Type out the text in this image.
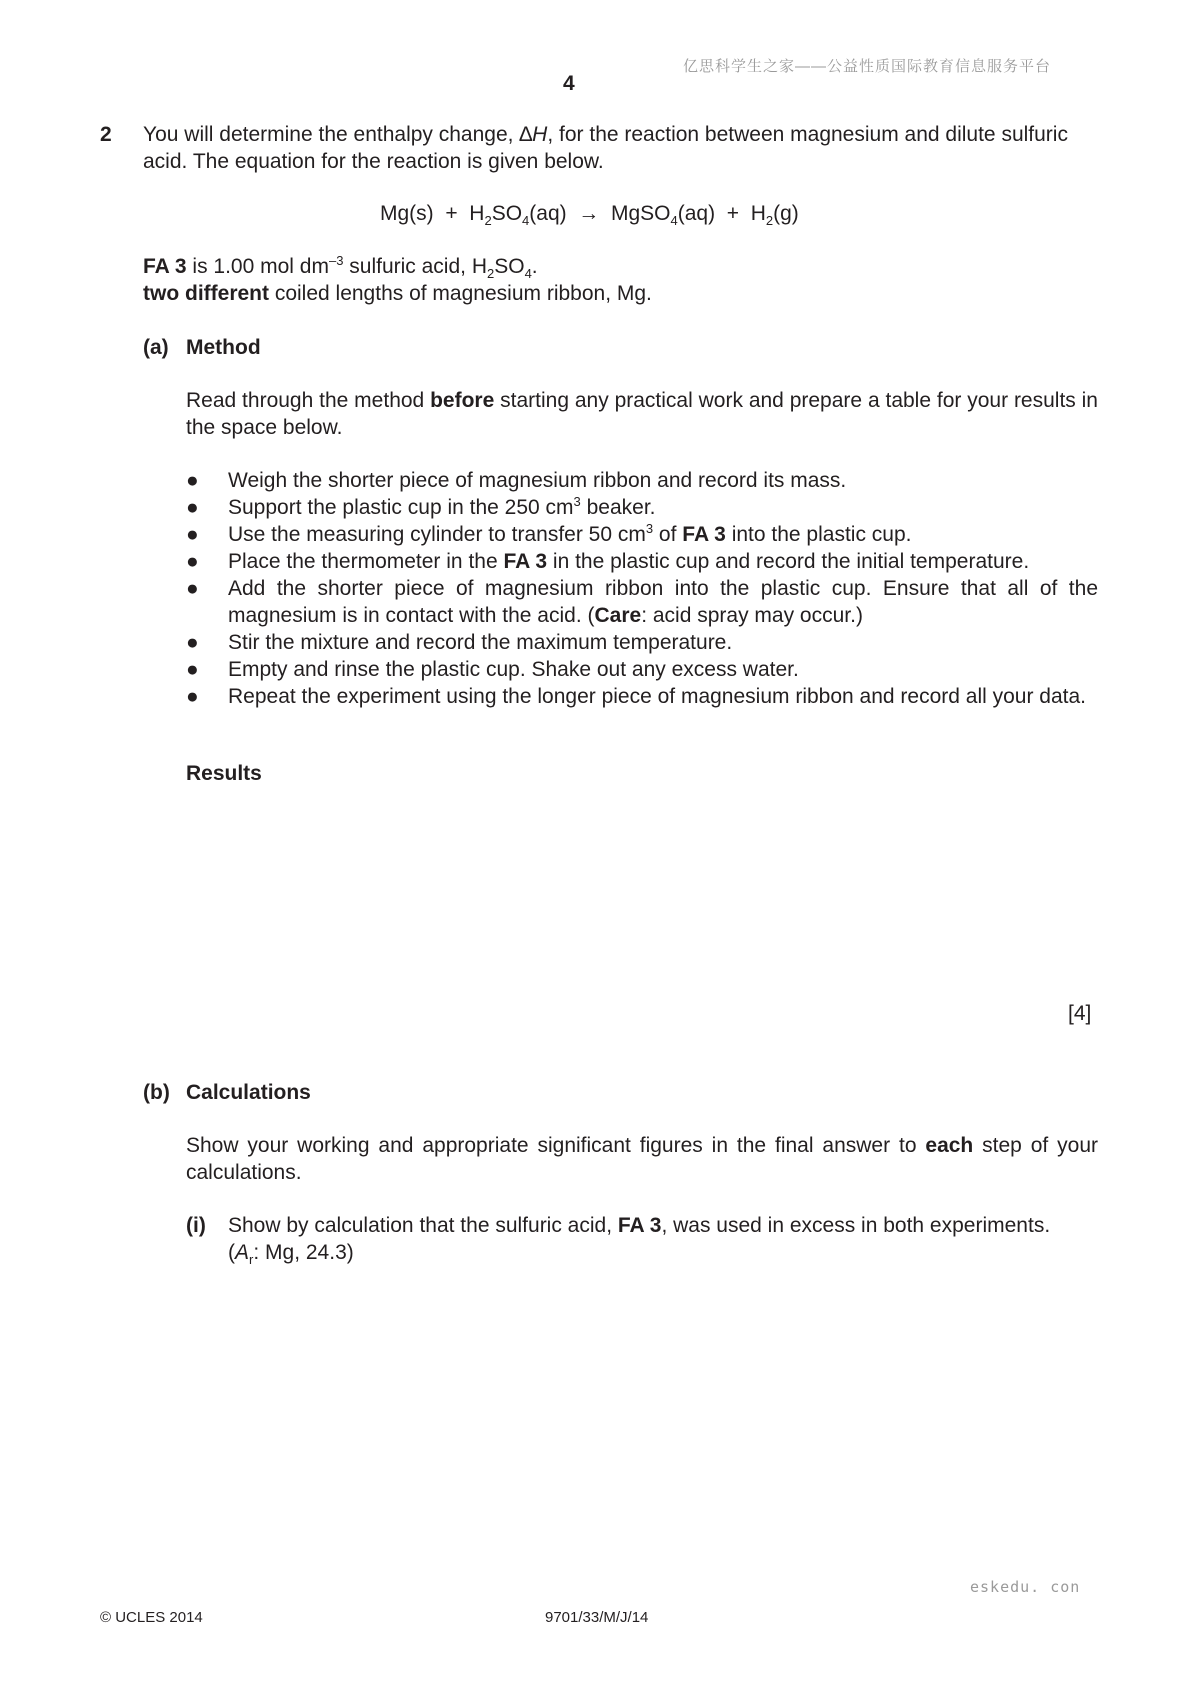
亿思科学生之家——公益性质国际教育信息服务平台
4
2 You will determine the enthalpy change, ∆H, for the reaction between magnesium and dilute sulfuric acid. The equation for the reaction is given below.
$Mg(s) + H_2SO_4(aq)$ → MgSO$_4$(aq) + $H_2(g)$
FA 3 is 1.00 mol $dm^{-3}$ sulfuric acid, $H_2SO_4$.
two different coiled lengths of magnesium ribbon, Mg.
(a) Method
Read through the method before starting any practical work and prepare a table for your results in the space below.
● Weigh the shorter piece of magnesium ribbon and record its mass.
● Support the plastic cup in the 250 $cm^3$ beaker.
● Use the measuring cylinder to transfer 50 $cm^3$ of FA 3 into the plastic cup.
● Place the thermometer in the FA 3 in the plastic cup and record the initial temperature.
● Add the shorter piece of magnesium ribbon into the plastic cup. Ensure that all of the magnesium is in contact with the acid. (Care: acid spray may occur.)
● Stir the mixture and record the maximum temperature.
● Empty and rinse the plastic cup. Shake out any excess water.
● Repeat the experiment using the longer piece of magnesium ribbon and record all your data.
Results
[4]
(b) Calculations
Show your working and appropriate significant figures in the final answer to each step of your calculations.
(i) Show by calculation that the sulfuric acid, FA 3, was used in excess in both experiments.
($A_r$: Mg, 24.3)
eskedu. con
© UCLES 2014	9701/33/M/J/14
